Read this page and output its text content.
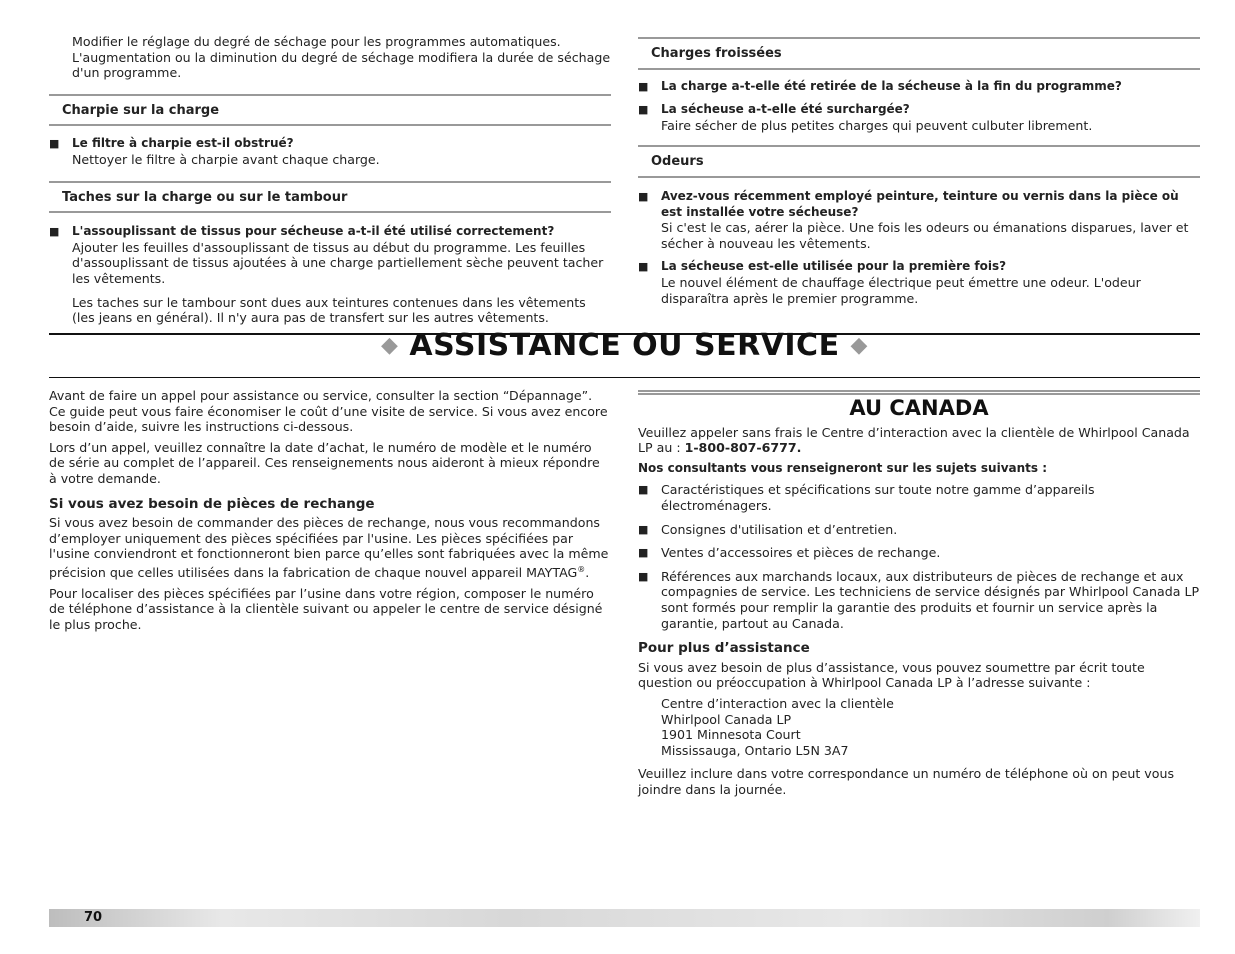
Modifier le réglage du degré de séchage pour les programmes automatiques. L'augmentation ou la diminution du degré de séchage modifiera la durée de séchage d'un programme.

Charpie sur la charge
■	Le filtre à charpie est-il obstrué?
Nettoyer le filtre à charpie avant chaque charge.
Taches sur la charge ou sur le tambour
■	L'assouplissant de tissus pour sécheuse a-t-il été utilisé correctement?
Ajouter les feuilles d'assouplissant de tissus au début du programme. Les feuilles d'assouplissant de tissus ajoutées à une charge partiellement sèche peuvent tacher les vêtements.

Les taches sur le tambour sont dues aux teintures contenues dans les vêtements (les jeans en général). Il n'y aura pas de transfert sur les autres vêtements.

Charges froissées
■	La charge a-t-elle été retirée de la sécheuse à la fin du programme?
■	La sécheuse a-t-elle été surchargée?
Faire sécher de plus petites charges qui peuvent culbuter librement.
Odeurs
■	Avez-vous récemment employé peinture, teinture ou vernis dans la pièce où est installée votre sécheuse?
Si c'est le cas, aérer la pièce. Une fois les odeurs ou émanations disparues, laver et sécher à nouveau les vêtements.
■	La sécheuse est-elle utilisée pour la première fois?
Le nouvel élément de chauffage électrique peut émettre une odeur. L'odeur disparaîtra après le premier programme.
◆ ASSISTANCE OU SERVICE ◆

Avant de faire un appel pour assistance ou service, consulter la section “Dépannage”. Ce guide peut vous faire économiser le coût d’une visite de service. Si vous avez encore besoin d’aide, suivre les instructions ci-dessous.

Lors d’un appel, veuillez connaître la date d’achat, le numéro de modèle et le numéro de série au complet de l’appareil. Ces renseignements nous aideront à mieux répondre à votre demande.

Si vous avez besoin de pièces de rechange

Si vous avez besoin de commander des pièces de rechange, nous vous recommandons d’employer uniquement des pièces spécifiées par l'usine. Les pièces spécifiées par l'usine conviendront et fonctionneront bien parce qu’elles sont fabriquées avec la même précision que celles utilisées dans la fabrication de chaque nouvel appareil MAYTAG®.

Pour localiser des pièces spécifiées par l’usine dans votre région, composer le numéro de téléphone d’assistance à la clientèle suivant ou appeler le centre de service désigné le plus proche.

AU CANADA

Veuillez appeler sans frais le Centre d’interaction avec la clientèle de Whirlpool Canada LP au : 1-800-807-6777.

Nos consultants vous renseigneront sur les sujets suivants :

■ Caractéristiques et spécifications sur toute notre gamme d’appareils électroménagers.
■ Consignes d'utilisation et d’entretien.
■ Ventes d’accessoires et pièces de rechange.
■ Références aux marchands locaux, aux distributeurs de pièces de rechange et aux compagnies de service. Les techniciens de service désignés par Whirlpool Canada LP sont formés pour remplir la garantie des produits et fournir un service après la garantie, partout au Canada.
Pour plus d’assistance

Si vous avez besoin de plus d’assistance, vous pouvez soumettre par écrit toute question ou préoccupation à Whirlpool Canada LP à l’adresse suivante :

Centre d’interaction avec la clientèle
Whirlpool Canada LP
1901 Minnesota Court
Mississauga, Ontario L5N 3A7

Veuillez inclure dans votre correspondance un numéro de téléphone où on peut vous joindre dans la journée.

70
